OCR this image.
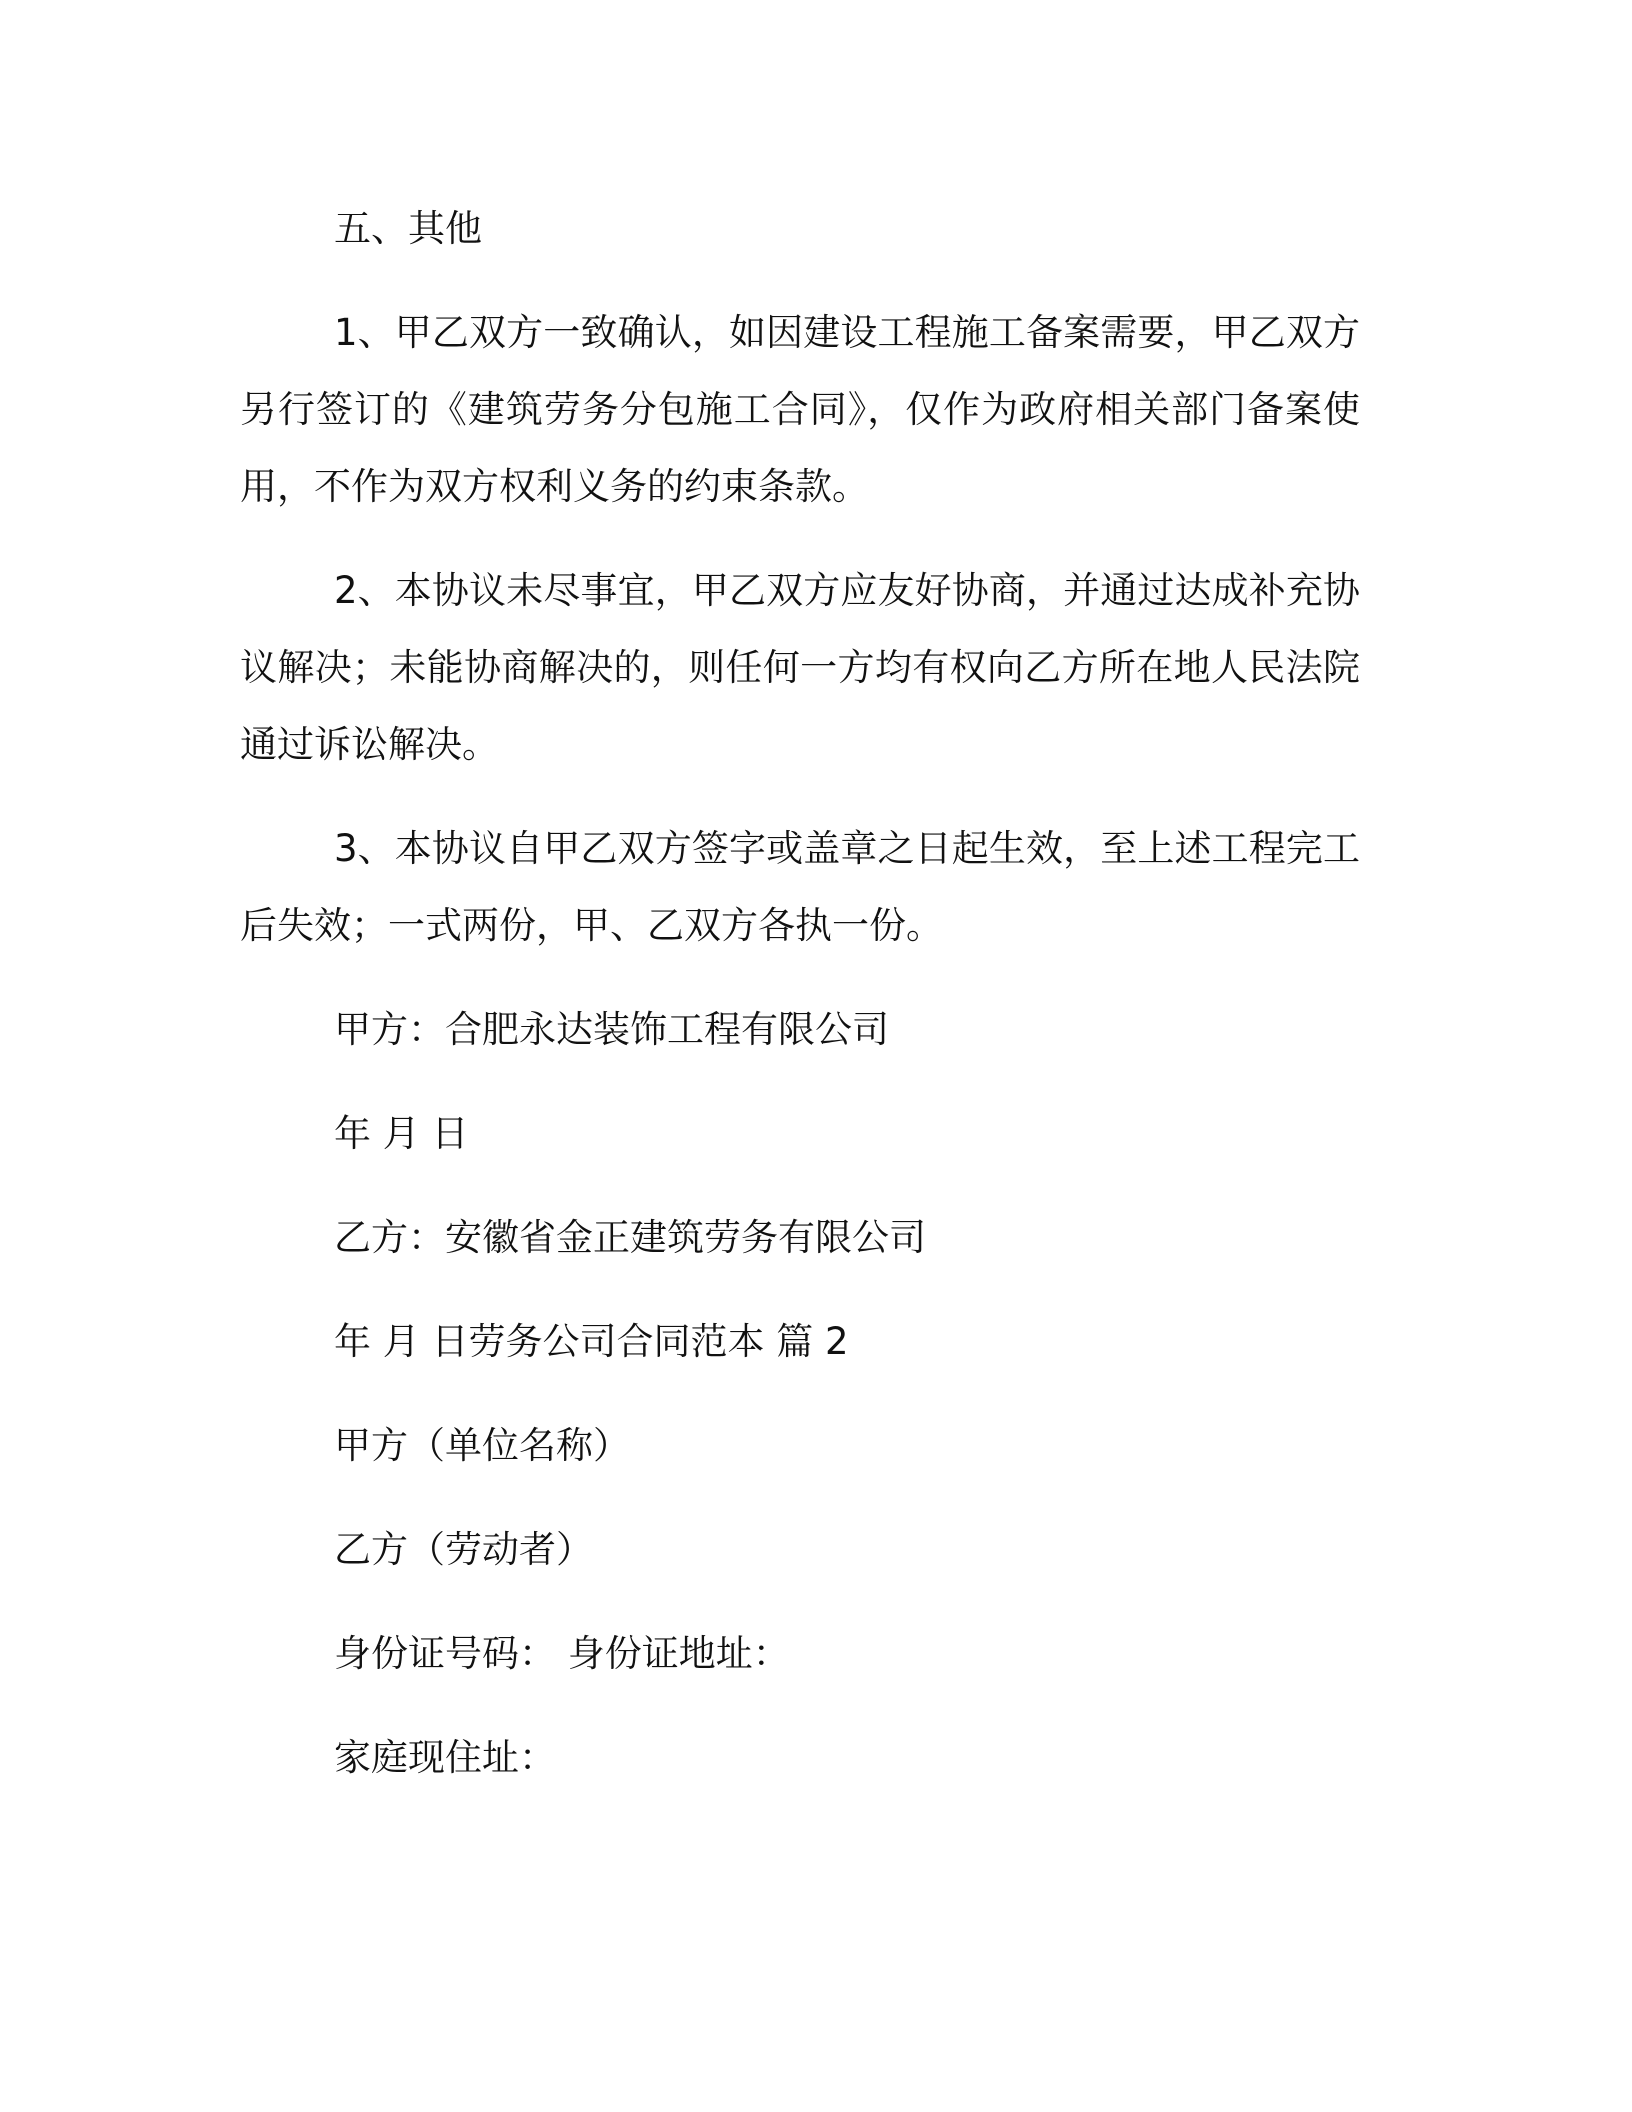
五、其他
1、甲乙双方一致确认，如因建设工程施工备案需要，甲乙双方另行签订的《建筑劳务分包施工合同》，仅作为政府相关部门备案使用，不作为双方权利义务的约束条款。
2、本协议未尽事宜，甲乙双方应友好协商，并通过达成补充协议解决；未能协商解决的，则任何一方均有权向乙方所在地人民法院通过诉讼解决。
3、本协议自甲乙双方签字或盖章之日起生效，至上述工程完工后失效；一式两份，甲、乙双方各执一份。
甲方：合肥永达装饰工程有限公司
年 月 日
乙方：安徽省金正建筑劳务有限公司
年 月 日劳务公司合同范本 篇 2
甲方（单位名称）
乙方（劳动者）
身份证号码： 身份证地址：
家庭现住址：
